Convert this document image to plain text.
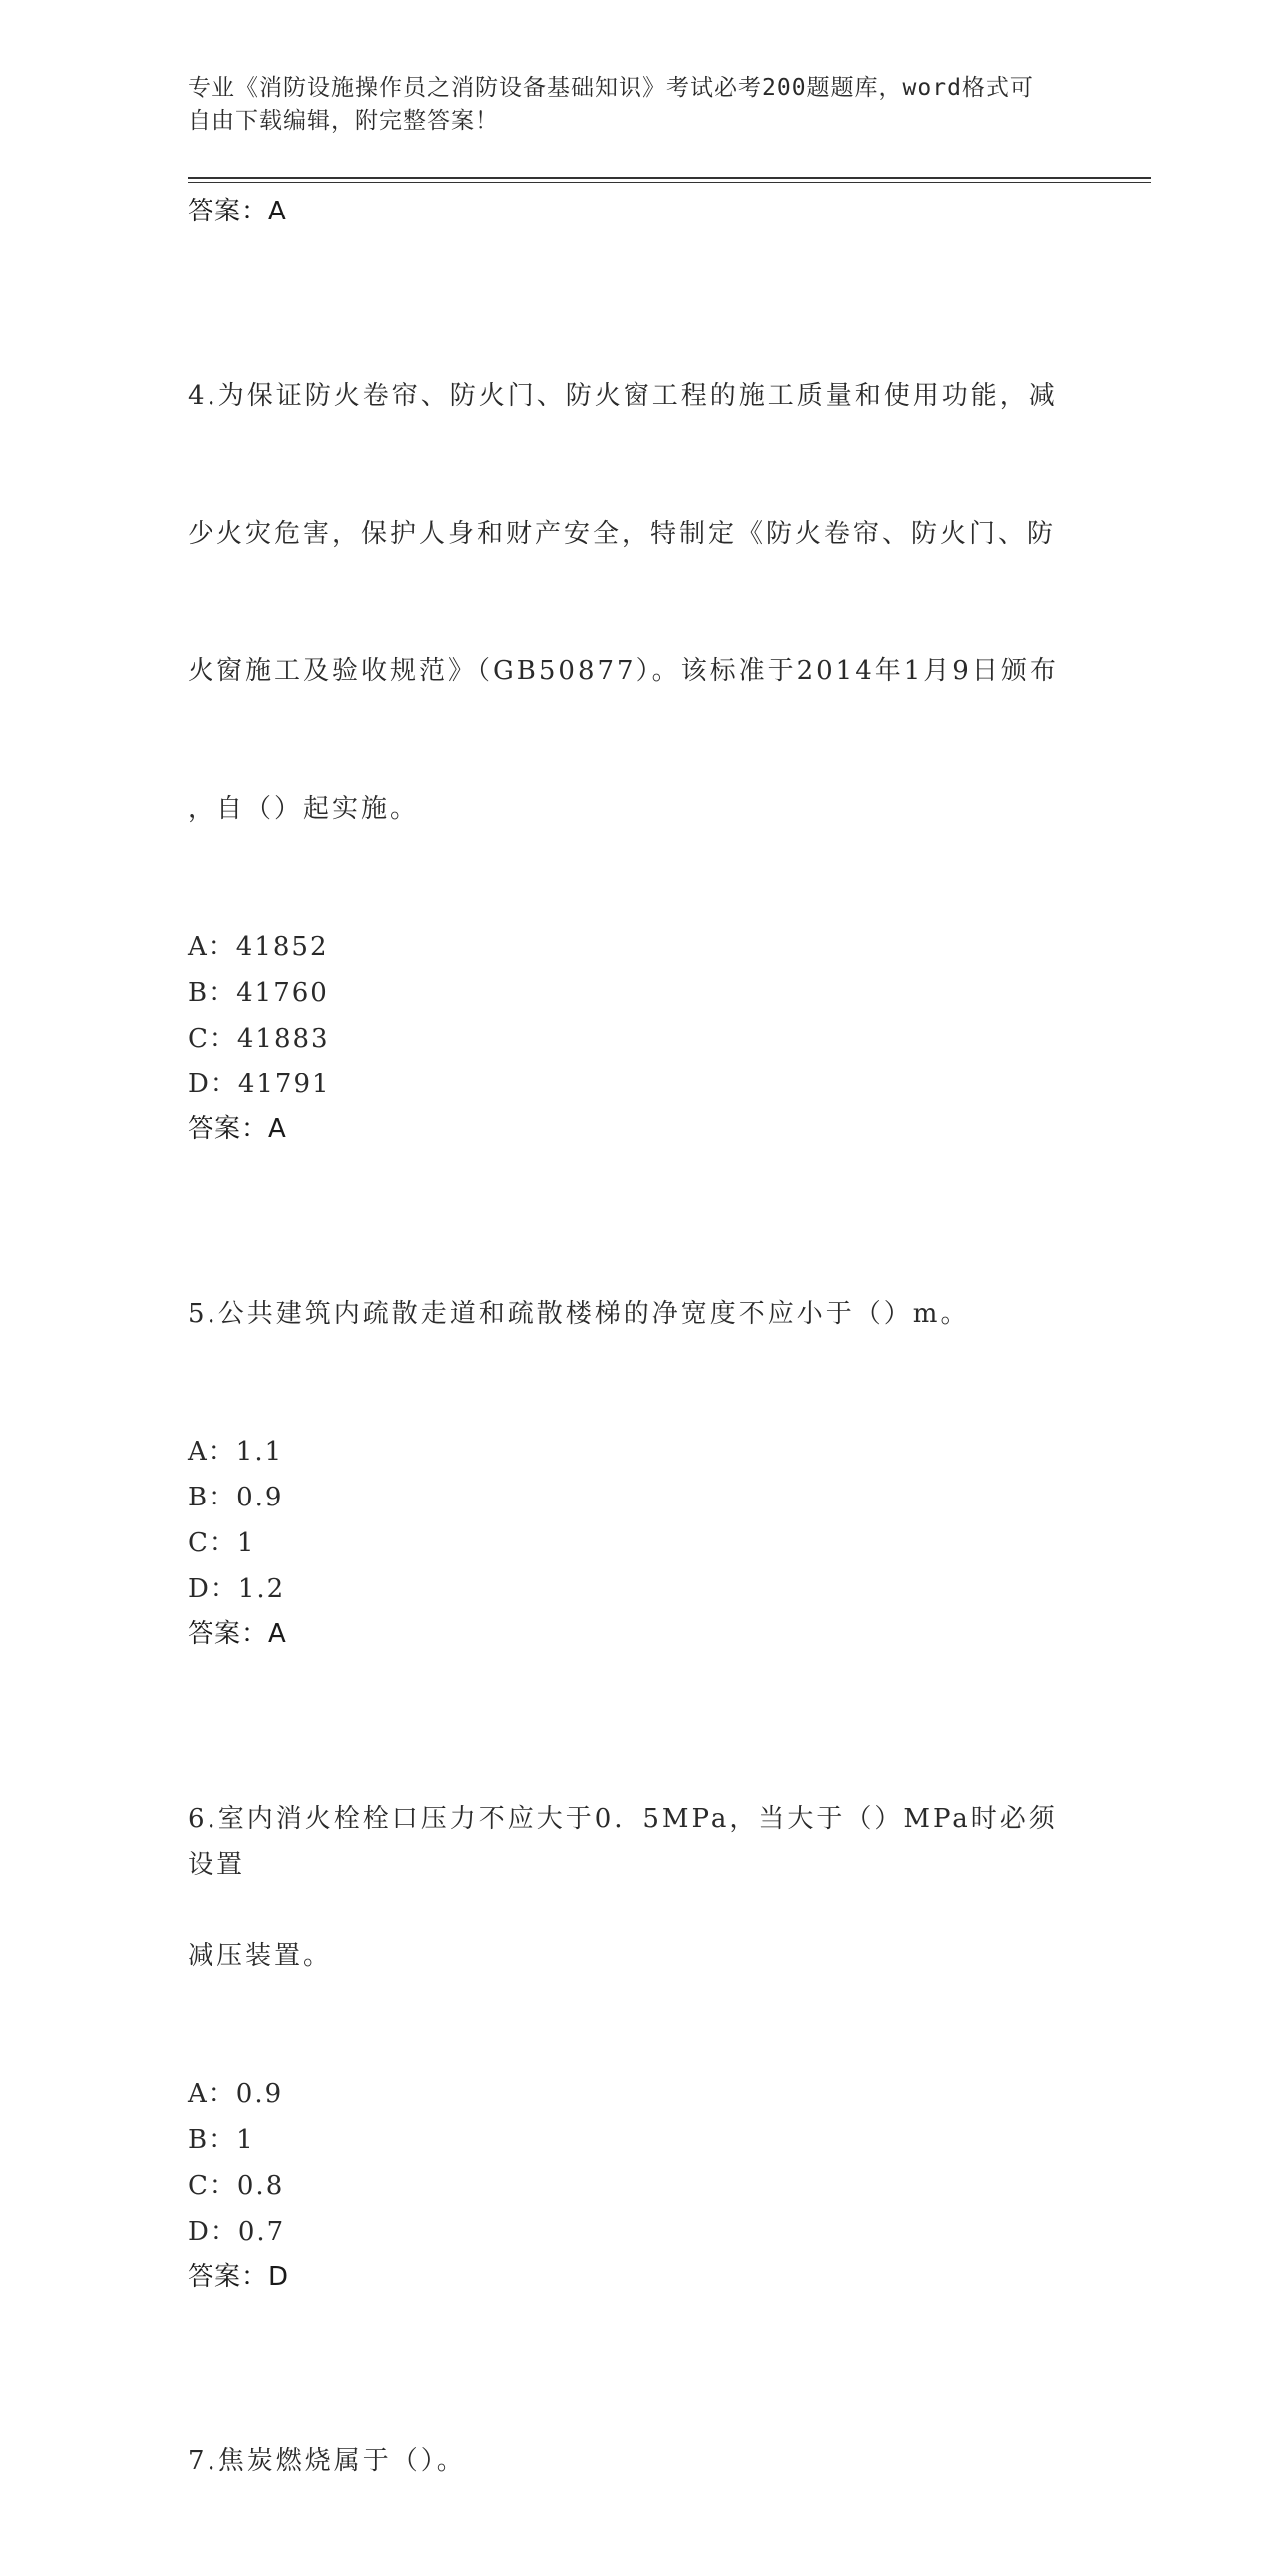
专业《消防设施操作员之消防设备基础知识》考试必考200题题库，word格式可
自由下载编辑，附完整答案！
答案：A

4.为保证防火卷帘、防火门、防火窗工程的施工质量和使用功能，减

少火灾危害，保护人身和财产安全，特制定《防火卷帘、防火门、防

火窗施工及验收规范》（GB50877）。该标准于2014年1月9日颁布

，自（）起实施。

A：41852
B：41760
C：41883
D：41791
答案：A

5.公共建筑内疏散走道和疏散楼梯的净宽度不应小于（）m。

A：1.1
B：0.9
C：1
D：1.2
答案：A

6.室内消火栓栓口压力不应大于0．5MPa，当大于（）MPa时必须设置

减压装置。

A：0.9
B：1
C：0.8
D：0.7
答案：D

7.焦炭燃烧属于（）。
